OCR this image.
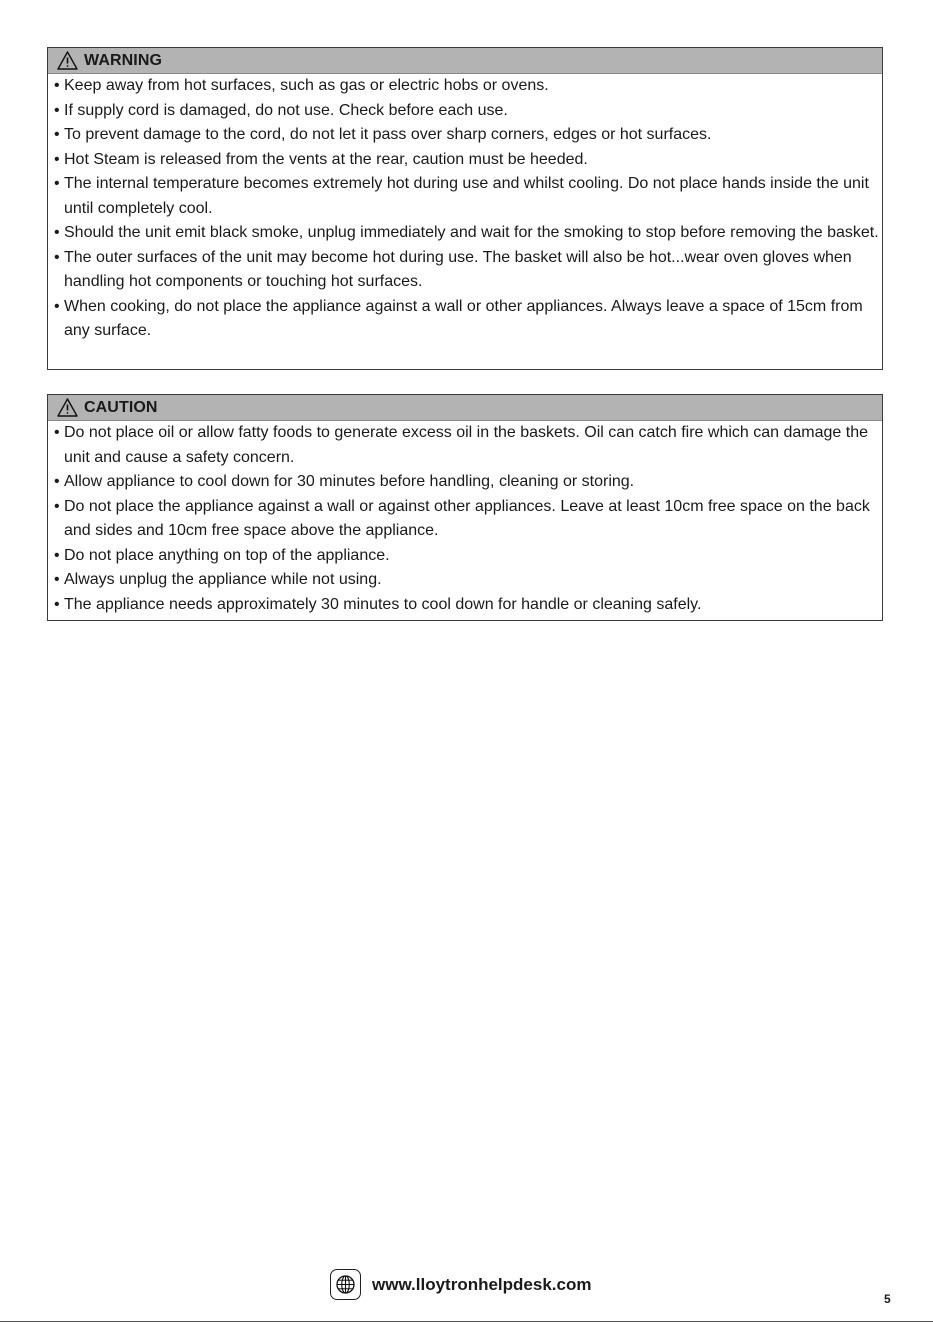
WARNING
• Keep away from hot surfaces, such as gas or electric hobs or ovens.
• If supply cord is damaged, do not use. Check before each use.
• To prevent damage to the cord, do not let it pass over sharp corners, edges or hot surfaces.
• Hot Steam is released from the vents at the rear, caution must be heeded.
• The internal temperature becomes extremely hot during use and whilst cooling. Do not place hands inside the unit until completely cool.
• Should the unit emit black smoke, unplug immediately and wait for the smoking to stop before removing the basket.
• The outer surfaces of the unit may become hot during use. The basket will also be hot...wear oven gloves when handling hot components or touching hot surfaces.
• When cooking, do not place the appliance against a wall or other appliances. Always leave a space of 15cm from any surface.
CAUTION
• Do not place oil or allow fatty foods to generate excess oil in the baskets. Oil can catch fire which can damage the unit and cause a safety concern.
• Allow appliance to cool down for 30 minutes before handling, cleaning or storing.
• Do not place the appliance against a wall or against other appliances. Leave at least 10cm free space on the back and sides and 10cm free space above the appliance.
• Do not place anything on top of the appliance.
• Always unplug the appliance while not using.
• The appliance needs approximately 30 minutes to cool down for handle or cleaning safely.
www.lloytronhelpdesk.com
5
